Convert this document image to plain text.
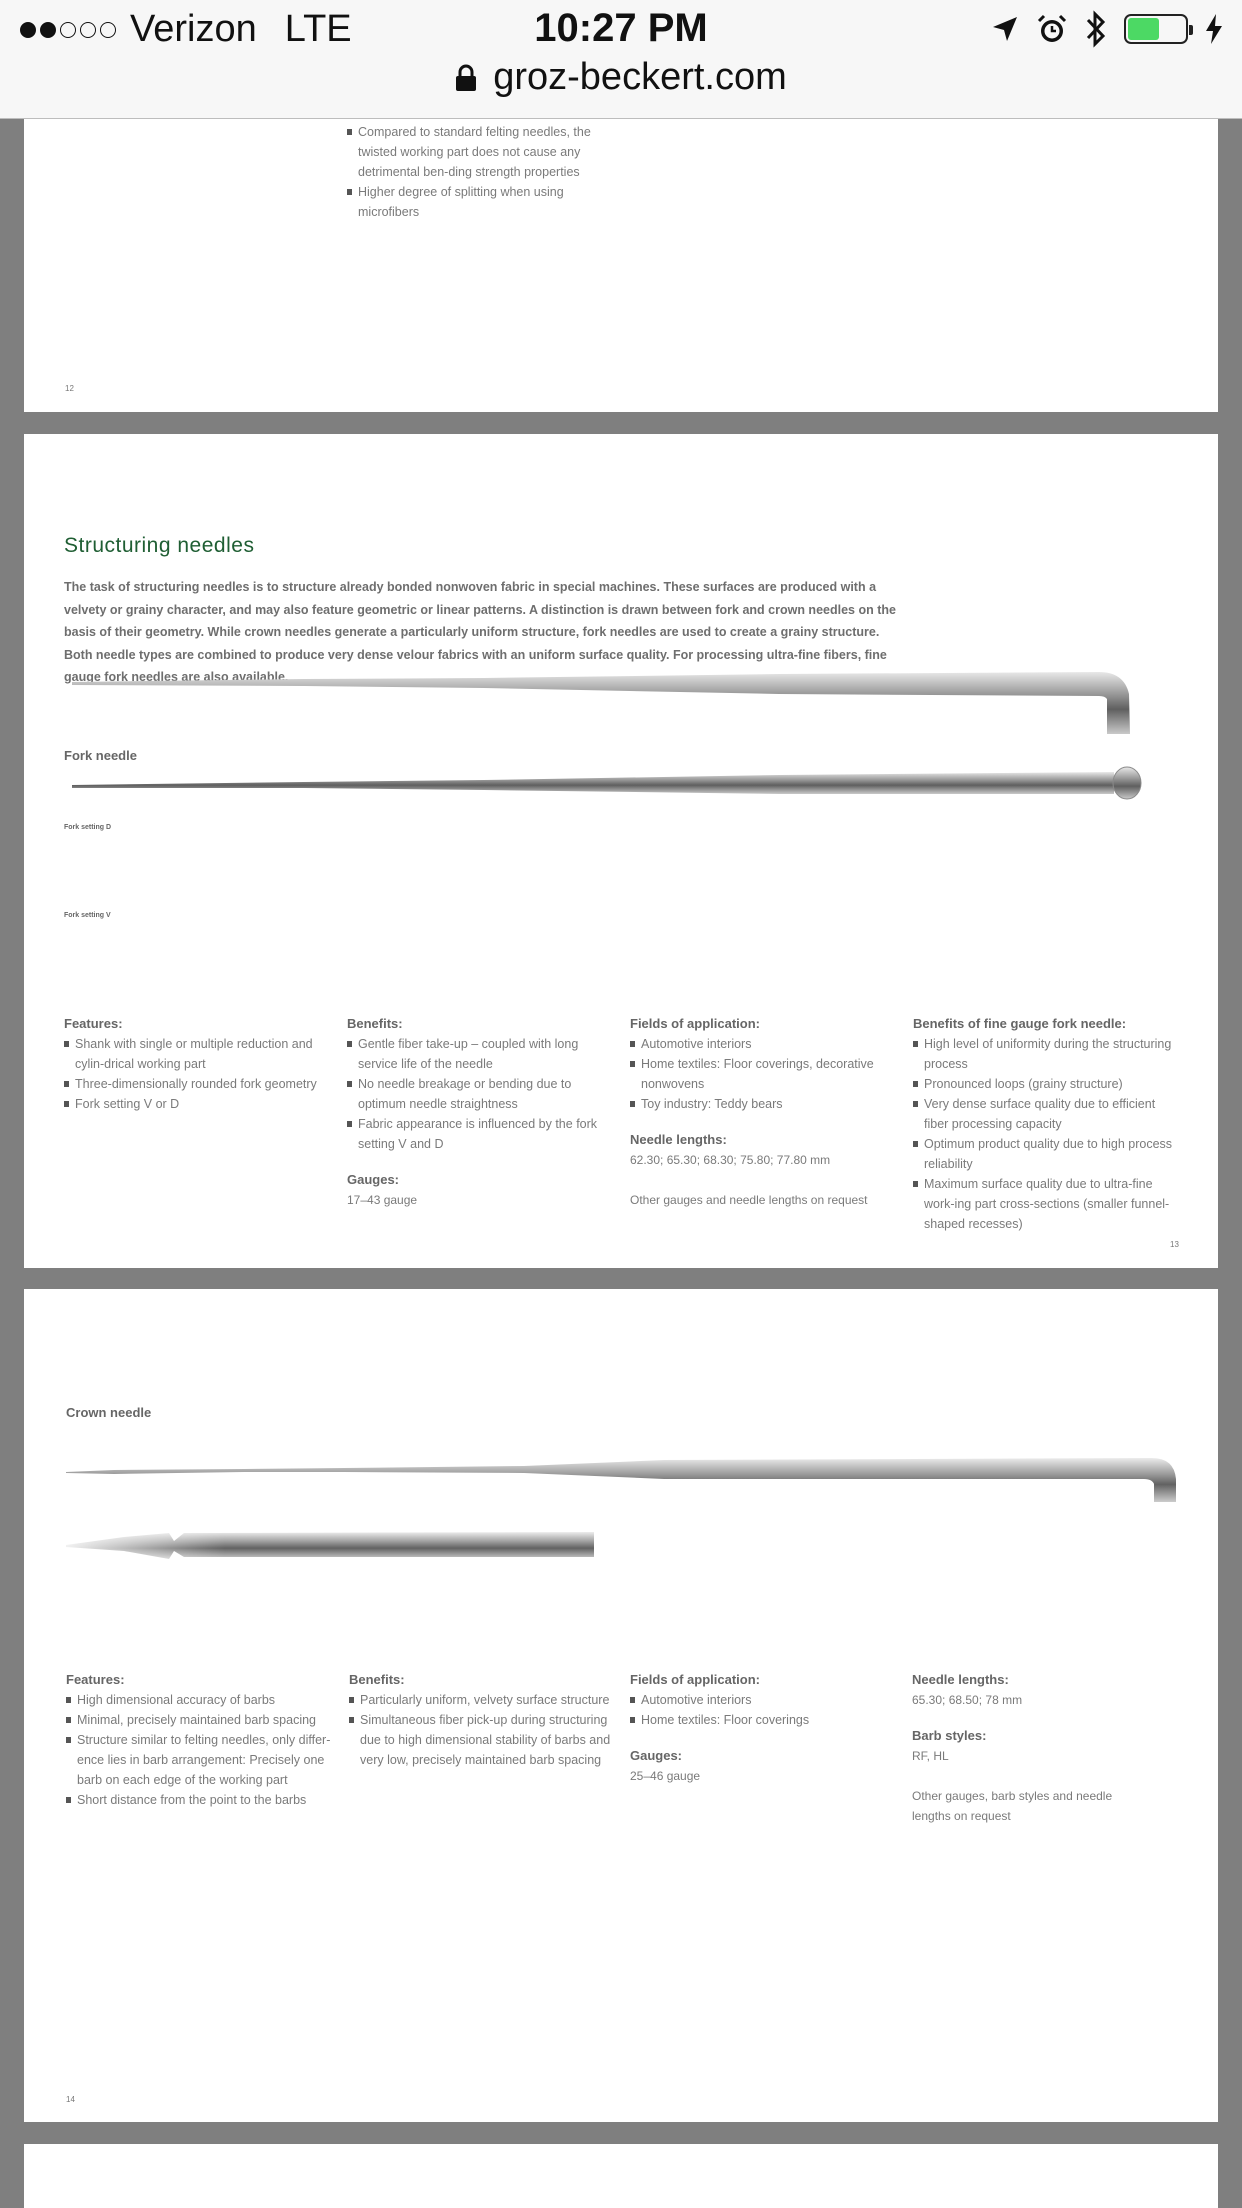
Verizon LTE	10:27 PM
groz-beckert.com
Compared to standard felting needles, the twisted working part does not cause any detrimental ben-ding strength properties
Higher degree of splitting when using microfibers
12
Structuring needles
The task of structuring needles is to structure already bonded nonwoven fabric in special machines. These surfaces are produced with a velvety or grainy character, and may also feature geometric or linear patterns. A distinction is drawn between fork and crown needles on the basis of their geometry. While crown needles generate a particularly uniform structure, fork needles are used to create a grainy structure. Both needle types are combined to produce very dense velour fabrics with an uniform surface quality. For processing ultra-fine fibers, fine gauge fork needles are also available.
Fork needle
Fork setting D
Fork setting V
Features:
Shank with single or multiple reduction and cylin-drical working part
Three-dimensionally rounded fork geometry
Fork setting V or D
Benefits:
Gentle fiber take-up – coupled with long service life of the needle
No needle breakage or bending due to optimum needle straightness
Fabric appearance is influenced by the fork setting V and D
Gauges:
17–43 gauge
Fields of application:
Automotive interiors
Home textiles: Floor coverings, decorative nonwovens
Toy industry: Teddy bears
Needle lengths:
62.30; 65.30; 68.30; 75.80; 77.80 mm
Other gauges and needle lengths on request
Benefits of fine gauge fork needle:
High level of uniformity during the structuring process
Pronounced loops (grainy structure)
Very dense surface quality due to efficient fiber processing capacity
Optimum product quality due to high process reliability
Maximum surface quality due to ultra-fine work-ing part cross-sections (smaller funnel-shaped recesses)
13
Crown needle
Features:
High dimensional accuracy of barbs
Minimal, precisely maintained barb spacing
Structure similar to felting needles, only differ-ence lies in barb arrangement: Precisely one barb on each edge of the working part
Short distance from the point to the barbs
Benefits:
Particularly uniform, velvety surface structure
Simultaneous fiber pick-up during structuring due to high dimensional stability of barbs and very low, precisely maintained barb spacing
Fields of application:
Automotive interiors
Home textiles: Floor coverings
Gauges:
25–46 gauge
Needle lengths:
65.30; 68.50; 78 mm
Barb styles:
RF, HL
Other gauges, barb styles and needle lengths on request
14
